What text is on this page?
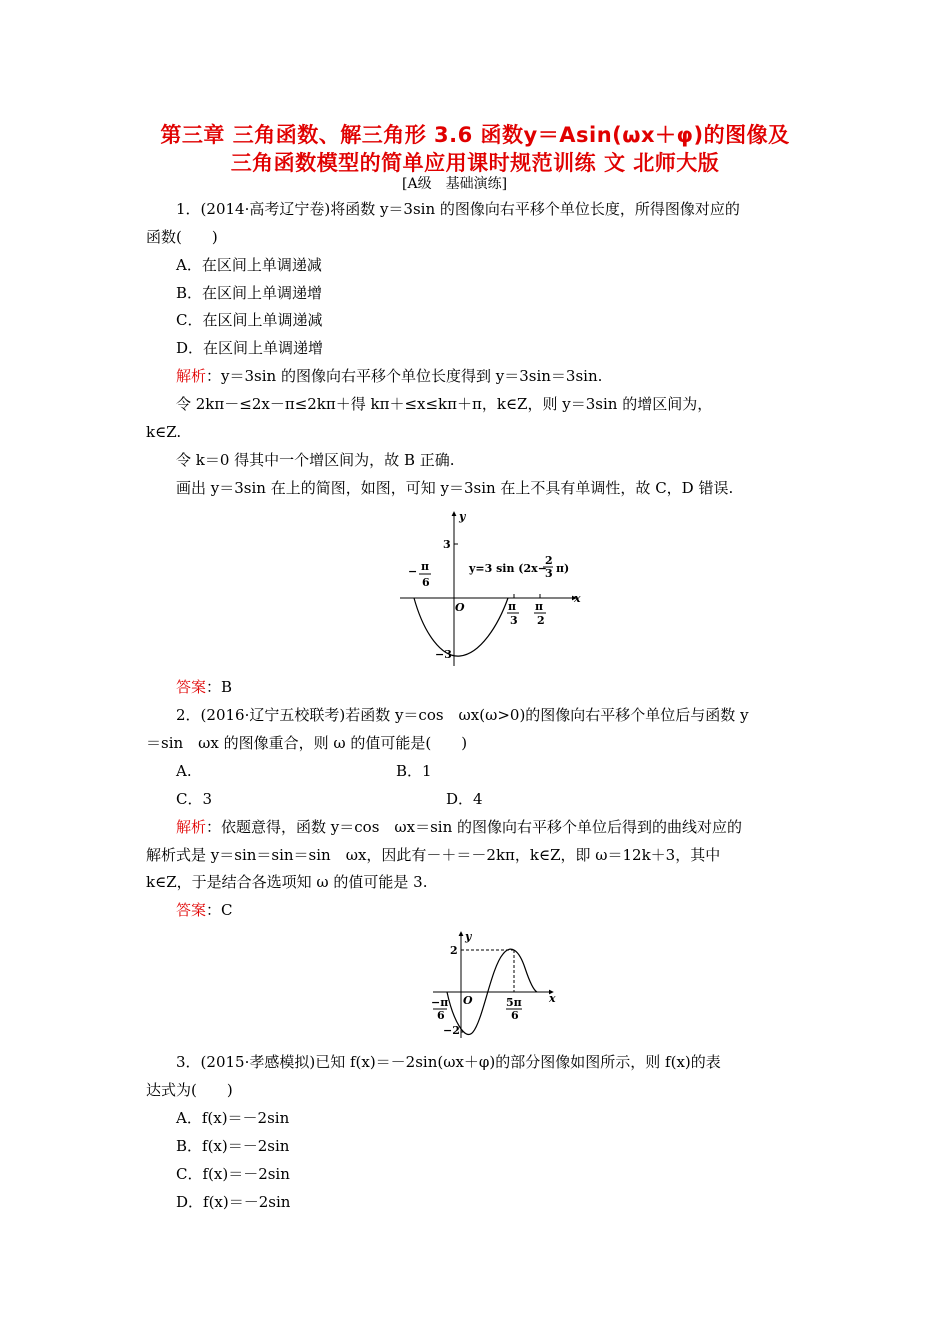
第三章 三角函数、解三角形 3.6 函数y＝Asin(ωx＋φ)的图像及
三角函数模型的简单应用课时规范训练 文 北师大版
[A级　基础演练]
1．(2014·高考辽宁卷)将函数 y＝3sin 的图像向右平移个单位长度，所得图像对应的
函数(　　)
A．在区间上单调递减
B．在区间上单调递增
C．在区间上单调递减
D．在区间上单调递增
解析：y＝3sin 的图像向右平移个单位长度得到 y＝3sin＝3sin.
令 2kπ－≤2x－π≤2kπ＋得 kπ＋≤x≤kπ＋π，k∈Z，则 y＝3sin 的增区间为，
k∈Z.
令 k＝0 得其中一个增区间为，故 B 正确.
画出 y＝3sin 在上的简图，如图，可知 y＝3sin 在上不具有单调性，故 C，D 错误.
y
x
O
3
−3
− π
6
π
3
π
2
y=3 sin (2x−
2
3 π)
答案：B
2．(2016·辽宁五校联考)若函数 y＝cos　ωx(ω>0)的图像向右平移个单位后与函数 y
＝sin　ωx 的图像重合，则 ω 的值可能是(　　)
A.	B．1
C．3	D．4
解析：依题意得，函数 y＝cos　ωx＝sin 的图像向右平移个单位后得到的曲线对应的
解析式是 y＝sin＝sin＝sin　ωx，因此有－＋＝－2kπ，k∈Z，即 ω＝12k＋3，其中
k∈Z，于是结合各选项知 ω 的值可能是 3.
答案：C
y
x
O
2
−2
−π
6
5π
6
3．(2015·孝感模拟)已知 f(x)＝－2sin(ωx＋φ)的部分图像如图所示，则 f(x)的表
达式为(　　)
A．f(x)＝－2sin
B．f(x)＝－2sin
C．f(x)＝－2sin
D．f(x)＝－2sin
